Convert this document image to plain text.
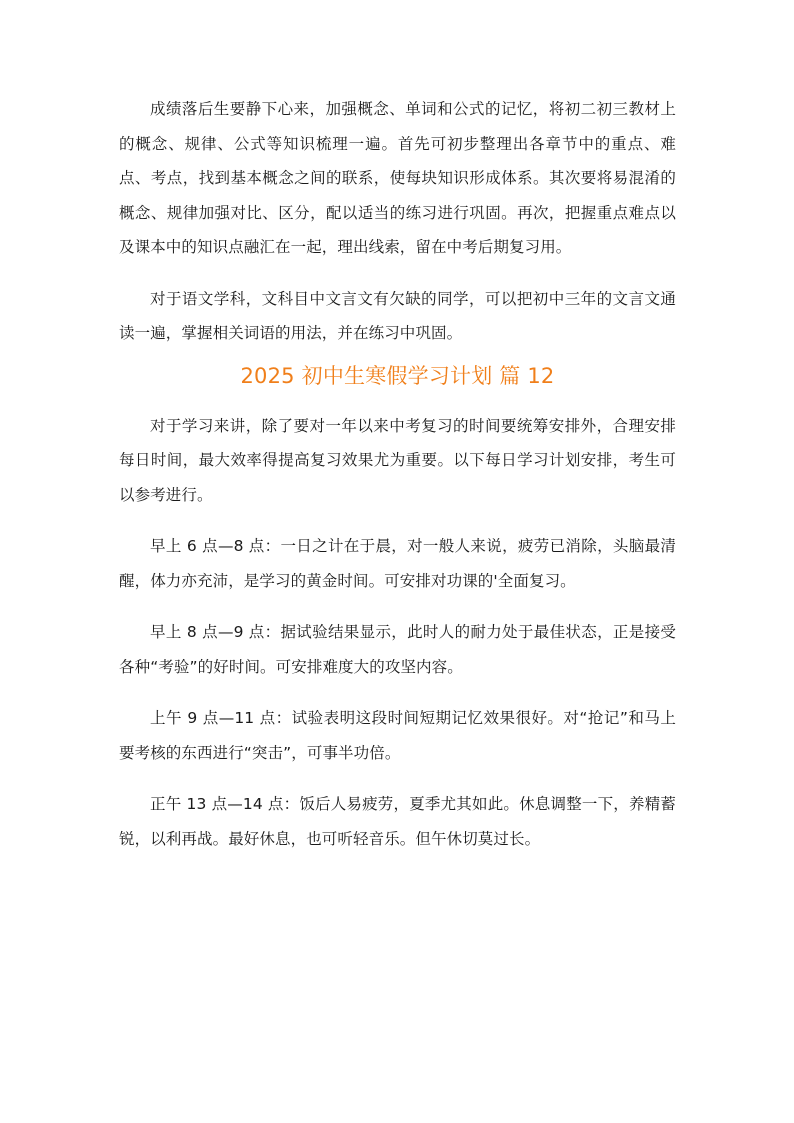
成绩落后生要静下心来，加强概念、单词和公式的记忆，将初二初三教材上的概念、规律、公式等知识梳理一遍。首先可初步整理出各章节中的重点、难点、考点，找到基本概念之间的联系，使每块知识形成体系。其次要将易混淆的概念、规律加强对比、区分，配以适当的练习进行巩固。再次，把握重点难点以及课本中的知识点融汇在一起，理出线索，留在中考后期复习用。

对于语文学科，文科目中文言文有欠缺的同学，可以把初中三年的文言文通读一遍，掌握相关词语的用法，并在练习中巩固。

2025 初中生寒假学习计划 篇 12

对于学习来讲，除了要对一年以来中考复习的时间要统筹安排外，合理安排每日时间，最大效率得提高复习效果尤为重要。以下每日学习计划安排，考生可以参考进行。

早上 6 点—8 点：一日之计在于晨，对一般人来说，疲劳已消除，头脑最清醒，体力亦充沛，是学习的黄金时间。可安排对功课的'全面复习。

早上 8 点—9 点：据试验结果显示，此时人的耐力处于最佳状态，正是接受各种“考验”的好时间。可安排难度大的攻坚内容。

上午 9 点—11 点：试验表明这段时间短期记忆效果很好。对“抢记”和马上要考核的东西进行“突击”，可事半功倍。

正午 13 点—14 点：饭后人易疲劳，夏季尤其如此。休息调整一下，养精蓄锐，以利再战。最好休息，也可听轻音乐。但午休切莫过长。
